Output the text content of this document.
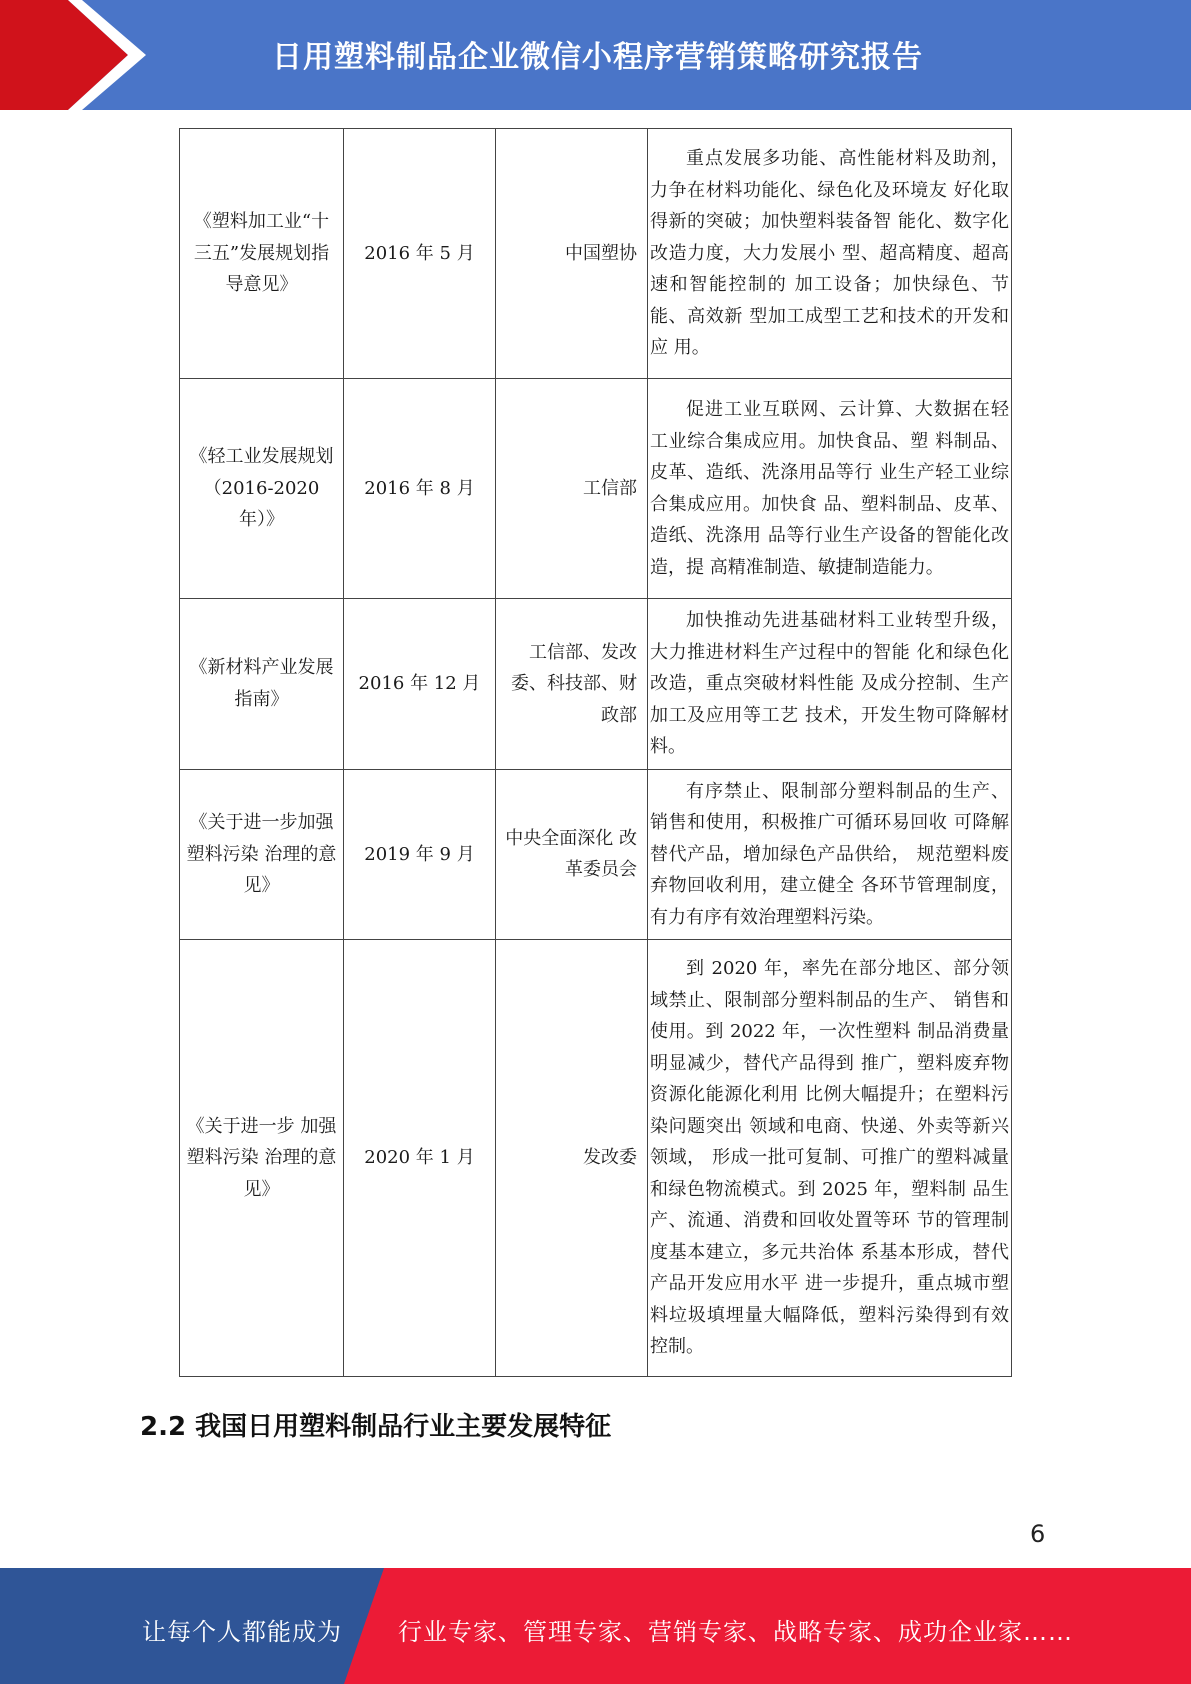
日用塑料制品企业微信小程序营销策略研究报告
《塑料加工业“十三五”发展规划指导意见》	2016 年 5 月	中国塑协	重点发展多功能、高性能材料及助剂，力争在材料功能化、绿色化及环境友 好化取得新的突破；加快塑料装备智 能化、数字化改造力度，大力发展小 型、超高精度、超高速和智能控制的 加工设备；加快绿色、节能、高效新 型加工成型工艺和技术的开发和应 用。
《轻工业发展规划（2016-2020 年）》	2016 年 8 月	工信部	促进工业互联网、云计算、大数据在轻工业综合集成应用。加快食品、塑 料制品、皮革、造纸、洗涤用品等行 业生产轻工业综合集成应用。加快食 品、塑料制品、皮革、造纸、洗涤用 品等行业生产设备的智能化改造，提 高精准制造、敏捷制造能力。
《新材料产业发展指南》	2016 年 12 月	工信部、发改 委、科技部、财政部	加快推动先进基础材料工业转型升级，大力推进材料生产过程中的智能 化和绿色化改造，重点突破材料性能 及成分控制、生产加工及应用等工艺 技术，开发生物可降解材料。
《关于进一步加强塑料污染 治理的意见》	2019 年 9 月	中央全面深化 改革委员会	有序禁止、限制部分塑料制品的生产、销售和使用，积极推广可循环易回收 可降解替代产品，增加绿色产品供给， 规范塑料废弃物回收利用，建立健全 各环节管理制度，有力有序有效治理塑料污染。
《关于进一步 加强塑料污染 治理的意见》	2020 年 1 月	发改委	到 2020 年，率先在部分地区、部分领域禁止、限制部分塑料制品的生产、 销售和使用。到 2022 年，一次性塑料 制品消费量明显减少，替代产品得到 推广，塑料废弃物资源化能源化利用 比例大幅提升；在塑料污染问题突出 领域和电商、快递、外卖等新兴领域， 形成一批可复制、可推广的塑料减量 和绿色物流模式。到 2025 年，塑料制 品生产、流通、消费和回收处置等环 节的管理制度基本建立，多元共治体 系基本形成，替代产品开发应用水平 进一步提升，重点城市塑料垃圾填埋量大幅降低，塑料污染得到有效控制。
2.2 我国日用塑料制品行业主要发展特征
6
让每个人都能成为 行业专家、管理专家、营销专家、战略专家、成功企业家……
